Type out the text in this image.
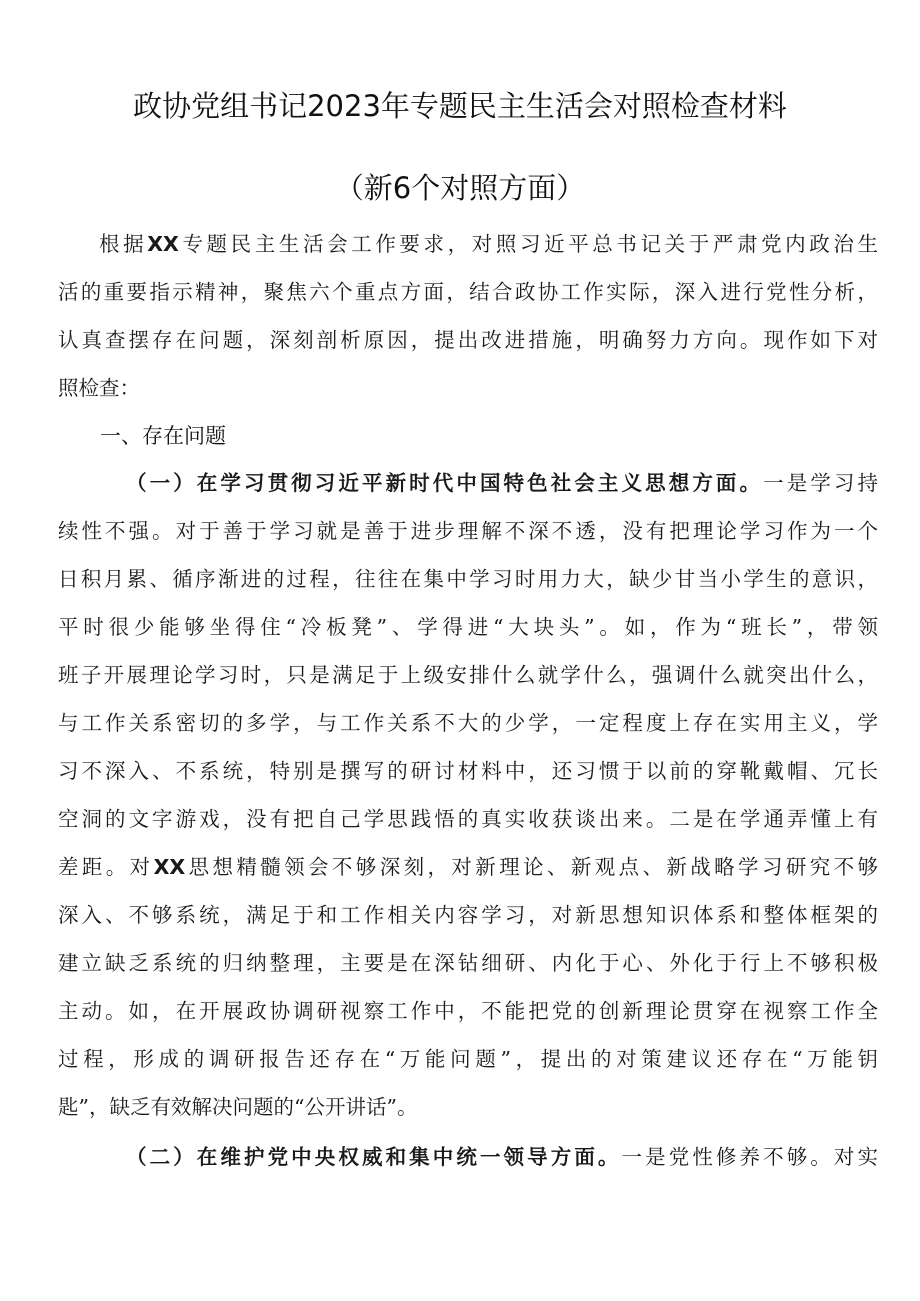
政协党组书记2023年专题民主生活会对照检查材料
（新6个对照方面）
根据XX专题民主生活会工作要求，对照习近平总书记关于严肃党内政治生
活的重要指示精神，聚焦六个重点方面，结合政协工作实际，深入进行党性分析，
认真查摆存在问题，深刻剖析原因，提出改进措施，明确努力方向。现作如下对
照检查：
一、存在问题
（一）在学习贯彻习近平新时代中国特色社会主义思想方面。一是学习持
续性不强。对于善于学习就是善于进步理解不深不透，没有把理论学习作为一个
日积月累、循序渐进的过程，往往在集中学习时用力大，缺少甘当小学生的意识，
平时很少能够坐得住“冷板凳”、学得进“大块头”。如，作为“班长”，带领
班子开展理论学习时，只是满足于上级安排什么就学什么，强调什么就突出什么，
与工作关系密切的多学，与工作关系不大的少学，一定程度上存在实用主义，学
习不深入、不系统，特别是撰写的研讨材料中，还习惯于以前的穿靴戴帽、冗长
空洞的文字游戏，没有把自己学思践悟的真实收获谈出来。二是在学通弄懂上有
差距。对XX思想精髓领会不够深刻，对新理论、新观点、新战略学习研究不够
深入、不够系统，满足于和工作相关内容学习，对新思想知识体系和整体框架的
建立缺乏系统的归纳整理，主要是在深钻细研、内化于心、外化于行上不够积极
主动。如，在开展政协调研视察工作中，不能把党的创新理论贯穿在视察工作全
过程，形成的调研报告还存在“万能问题”，提出的对策建议还存在“万能钥
匙”，缺乏有效解决问题的“公开讲话”。
（二）在维护党中央权威和集中统一领导方面。一是党性修养不够。对实
